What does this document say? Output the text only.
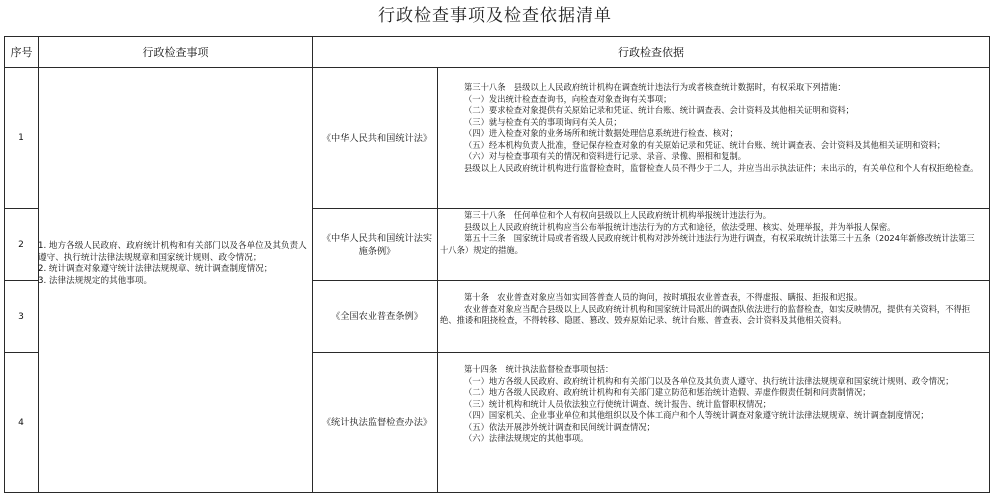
行政检查事项及检查依据清单
序号	行政检查事项	行政检查依据
1
2
3
4
1. 地方各级人民政府、政府统计机构和有关部门以及各单位及其负责人遵守、执行统计法律法规规章和国家统计规则、政令情况；
2. 统计调查对象遵守统计法律法规规章、统计调查制度情况；
3. 法律法规规定的其他事项。
《中华人民共和国统计法》
《中华人民共和国统计法实施条例》
《全国农业普查条例》
《统计执法监督检查办法》

第三十八条　县级以上人民政府统计机构在调查统计违法行为或者核查统计数据时，有权采取下列措施：

（一）发出统计检查查询书，向检查对象查询有关事项；

（二）要求检查对象提供有关原始记录和凭证、统计台账、统计调查表、会计资料及其他相关证明和资料；

（三）就与检查有关的事项询问有关人员；

（四）进入检查对象的业务场所和统计数据处理信息系统进行检查、核对；

（五）经本机构负责人批准，登记保存检查对象的有关原始记录和凭证、统计台账、统计调查表、会计资料及其他相关证明和资料；

（六）对与检查事项有关的情况和资料进行记录、录音、录像、照相和复制。

县级以上人民政府统计机构进行监督检查时，监督检查人员不得少于二人，并应当出示执法证件；未出示的，有关单位和个人有权拒绝检查。

第三十八条　任何单位和个人有权向县级以上人民政府统计机构举报统计违法行为。

县级以上人民政府统计机构应当公布举报统计违法行为的方式和途径，依法受理、核实、处理举报，并为举报人保密。

第五十三条　国家统计局或者省级人民政府统计机构对涉外统计违法行为进行调查，有权采取统计法第三十五条（2024年新修改统计法第三十八条）规定的措施。

第十条　农业普查对象应当如实回答普查人员的询问，按时填报农业普查表，不得虚报、瞒报、拒报和迟报。

农业普查对象应当配合县级以上人民政府统计机构和国家统计局派出的调查队依法进行的监督检查，如实反映情况，提供有关资料，不得拒绝、推诿和阻挠检查，不得转移、隐匿、篡改、毁弃原始记录、统计台账、普查表、会计资料及其他相关资料。

第十四条　统计执法监督检查事项包括：

（一）地方各级人民政府、政府统计机构和有关部门以及各单位及其负责人遵守、执行统计法律法规规章和国家统计规则、政令情况；

（二）地方各级人民政府、政府统计机构和有关部门建立防范和惩治统计造假、弄虚作假责任制和问责制情况；

（三）统计机构和统计人员依法独立行使统计调查、统计报告、统计监督职权情况；

（四）国家机关、企业事业单位和其他组织以及个体工商户和个人等统计调查对象遵守统计法律法规规章、统计调查制度情况；

（五）依法开展涉外统计调查和民间统计调查情况；

（六）法律法规规定的其他事项。
